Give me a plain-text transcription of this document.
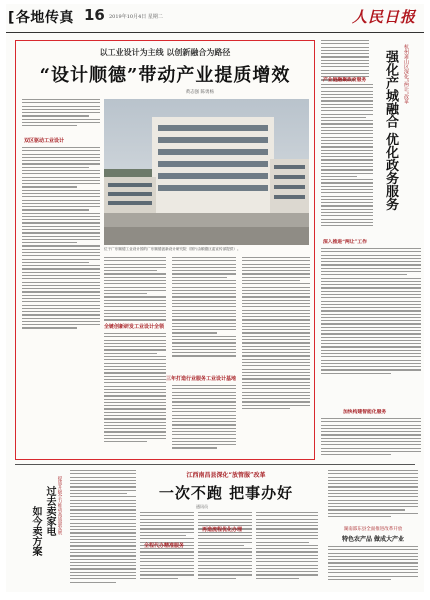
[各地传真 16 2019年10月4日 星期二	人民日报
以工业设计为主线 以创新融合为路径
“设计顺德”带动产业提质增效
黄志强 陈勇杨
双区驱动工业设计
位于广东顺德工业设计园的广东顺德创新设计研究院（图片由顺德区委宣传部提供）。
全链创新研发工业设计全领
三年打造行业服务工业设计基地
杭州萧山区深化“两让”改革
强化产城融合 优化政务服务
产业链融聚政府服务
深入推进“两让”工作
加快构建智能化服务
提质升级全力推动高质量发展
过去卖家电
如今卖方案
江西南昌县深化“放管服”改革
一次不跑 把事办好
通讯员
全程代办精准服务
再造流程优化办理	湖南邵东县全面推进改革开放
特色农产品 做成大产业
